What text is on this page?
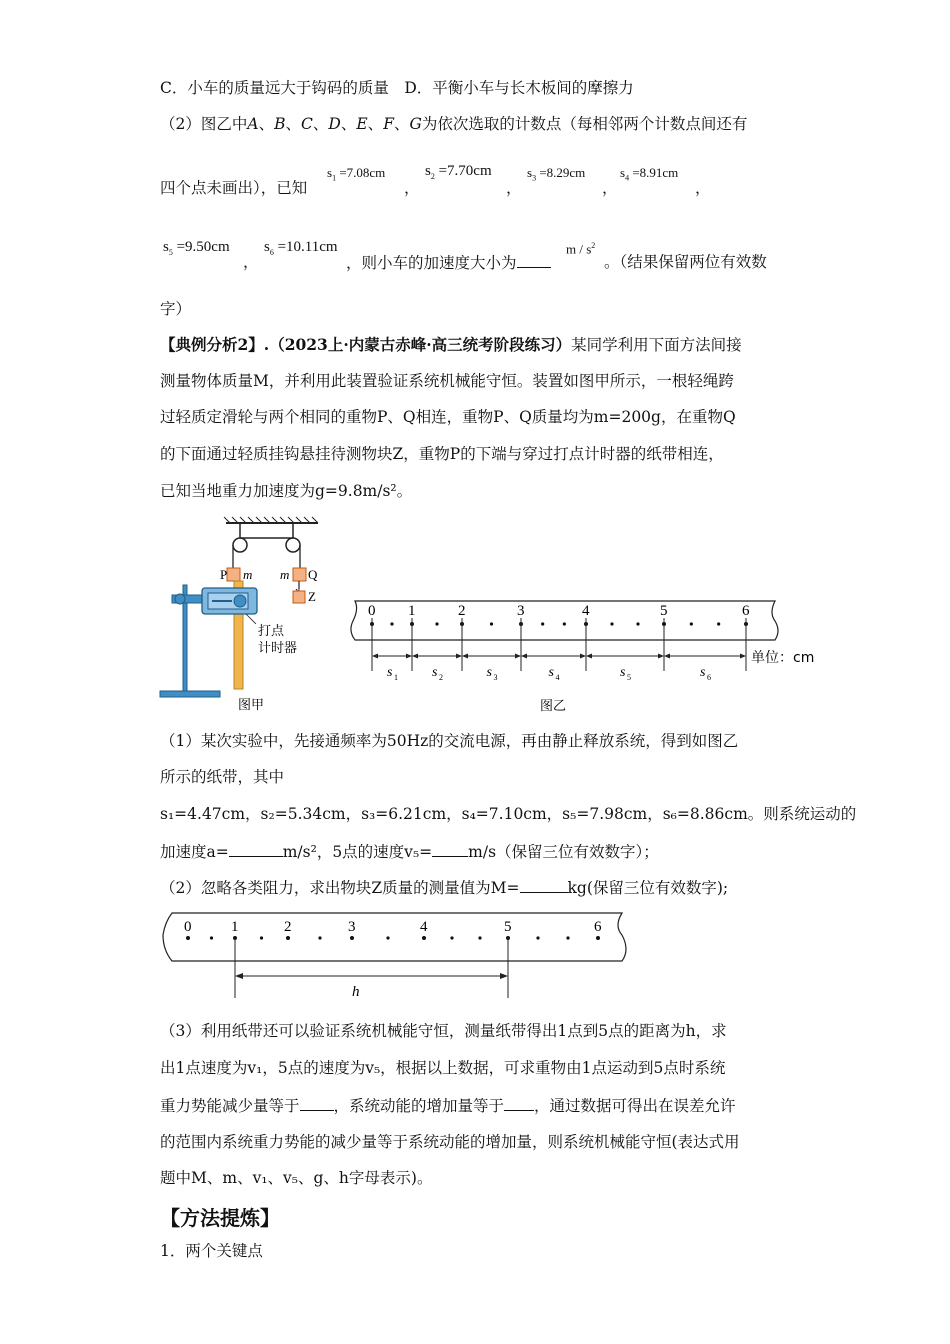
C．小车的质量远大于钩码的质量　D．平衡小车与长木板间的摩擦力
（2）图乙中A、B、C、D、E、F、G为依次选取的计数点（每相邻两个计数点间还有
四个点未画出），已知
$s_1 =7.08cm$
，
$s_2 =7.70cm$
，
$s_3 =8.29cm$
，
$s_4 =8.91cm$
，
$s_5 =9.50cm$
，
$s_6 =10.11cm$
，则小车的加速度大小为
m / $s^2$
。（结果保留两位有效数
字）
【典例分析2】.（2023上·内蒙古赤峰·高三统考阶段练习）某同学利用下面方法间接
测量物体质量M，并利用此装置验证系统机械能守恒。装置如图甲所示，一根轻绳跨
过轻质定滑轮与两个相同的重物P、Q相连，重物P、Q质量均为m=200g，在重物Q
的下面通过轻质挂钩悬挂待测物块Z，重物P的下端与穿过打点计时器的纸带相连，
已知当地重力加速度为g=9.8m/s²。
P m m Q
Z
打点
计时器
图甲
0 1	2	3	4	5	6
s 1 s 2	s 3	s 4	s 5	s 6
单位：cm
图乙
（1）某次实验中，先接通频率为50Hz的交流电源，再由静止释放系统，得到如图乙
所示的纸带，其中
s₁=4.47cm，s₂=5.34cm，s₃=6.21cm，s₄=7.10cm，s₅=7.98cm，s₆=8.86cm。则系统运动的
加速度a=	m/s²，5点的速度v₅= m/s（保留三位有效数字）；
（2）忽略各类阻力，求出物块Z质量的测量值为M=	kg(保留三位有效数字);
0	1	2	3	4	5	6
h
（3）利用纸带还可以验证系统机械能守恒，测量纸带得出1点到5点的距离为h，求
出1点速度为v₁，5点的速度为v₅，根据以上数据，可求重物由1点运动到5点时系统
重力势能减少量等于 ，系统动能的增加量等于 ，通过数据可得出在误差允许
的范围内系统重力势能的减少量等于系统动能的增加量，则系统机械能守恒(表达式用
题中M、m、v₁、v₅、g、h字母表示)。
【方法提炼】
1．两个关键点
